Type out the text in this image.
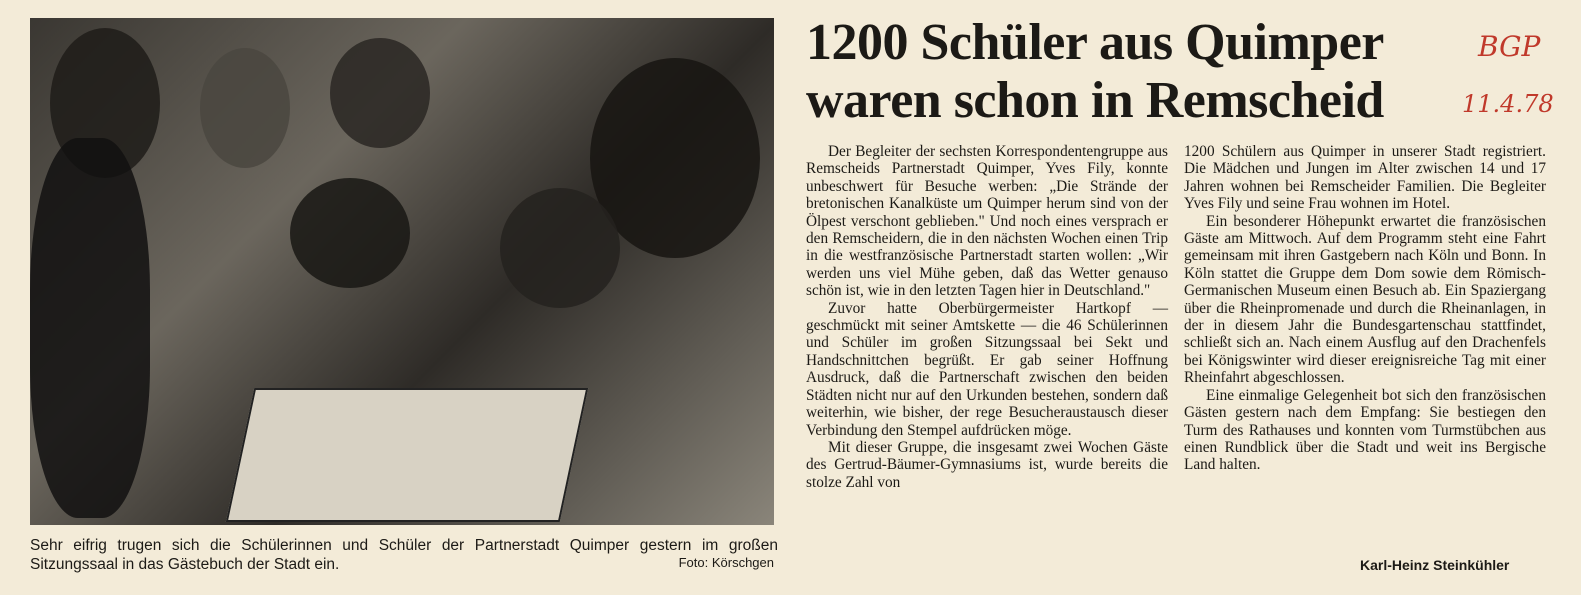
Sehr eifrig trugen sich die Schülerinnen und Schüler der Partnerstadt Quimper gestern im großen Sitzungssaal in das Gästebuch der Stadt ein.	Foto: Körschgen
1200 Schüler aus Quimper
waren schon in Remscheid
BGP
11.4.78

Der Begleiter der sechsten Korrespondentengruppe aus Remscheids Partnerstadt Quimper, Yves Fily, konnte unbeschwert für Besuche werben: „Die Strände der bretonischen Kanalküste um Quimper herum sind von der Ölpest verschont geblieben." Und noch eines versprach er den Remscheidern, die in den nächsten Wochen einen Trip in die westfranzösische Partnerstadt starten wollen: „Wir werden uns viel Mühe geben, daß das Wetter genauso schön ist, wie in den letzten Tagen hier in Deutschland."

Zuvor hatte Oberbürgermeister Hartkopf — geschmückt mit seiner Amtskette — die 46 Schülerinnen und Schüler im großen Sitzungssaal bei Sekt und Handschnittchen begrüßt. Er gab seiner Hoffnung Ausdruck, daß die Partnerschaft zwischen den beiden Städten nicht nur auf den Urkunden bestehen, sondern daß weiterhin, wie bisher, der rege Besucheraustausch dieser Verbindung den Stempel aufdrücken möge.

Mit dieser Gruppe, die insgesamt zwei Wochen Gäste des Gertrud-Bäumer-Gymnasiums ist, wurde bereits die stolze Zahl von

1200 Schülern aus Quimper in unserer Stadt registriert. Die Mädchen und Jungen im Alter zwischen 14 und 17 Jahren wohnen bei Remscheider Familien. Die Begleiter Yves Fily und seine Frau wohnen im Hotel.

Ein besonderer Höhepunkt erwartet die französischen Gäste am Mittwoch. Auf dem Programm steht eine Fahrt gemeinsam mit ihren Gastgebern nach Köln und Bonn. In Köln stattet die Gruppe dem Dom sowie dem Römisch-Germanischen Museum einen Besuch ab. Ein Spaziergang über die Rheinpromenade und durch die Rheinanlagen, in der in diesem Jahr die Bundesgartenschau stattfindet, schließt sich an. Nach einem Ausflug auf den Drachenfels bei Königswinter wird dieser ereignisreiche Tag mit einer Rheinfahrt abgeschlossen.

Eine einmalige Gelegenheit bot sich den französischen Gästen gestern nach dem Empfang: Sie bestiegen den Turm des Rathauses und konnten vom Turmstübchen aus einen Rundblick über die Stadt und weit ins Bergische Land halten.

Karl-Heinz Steinkühler
